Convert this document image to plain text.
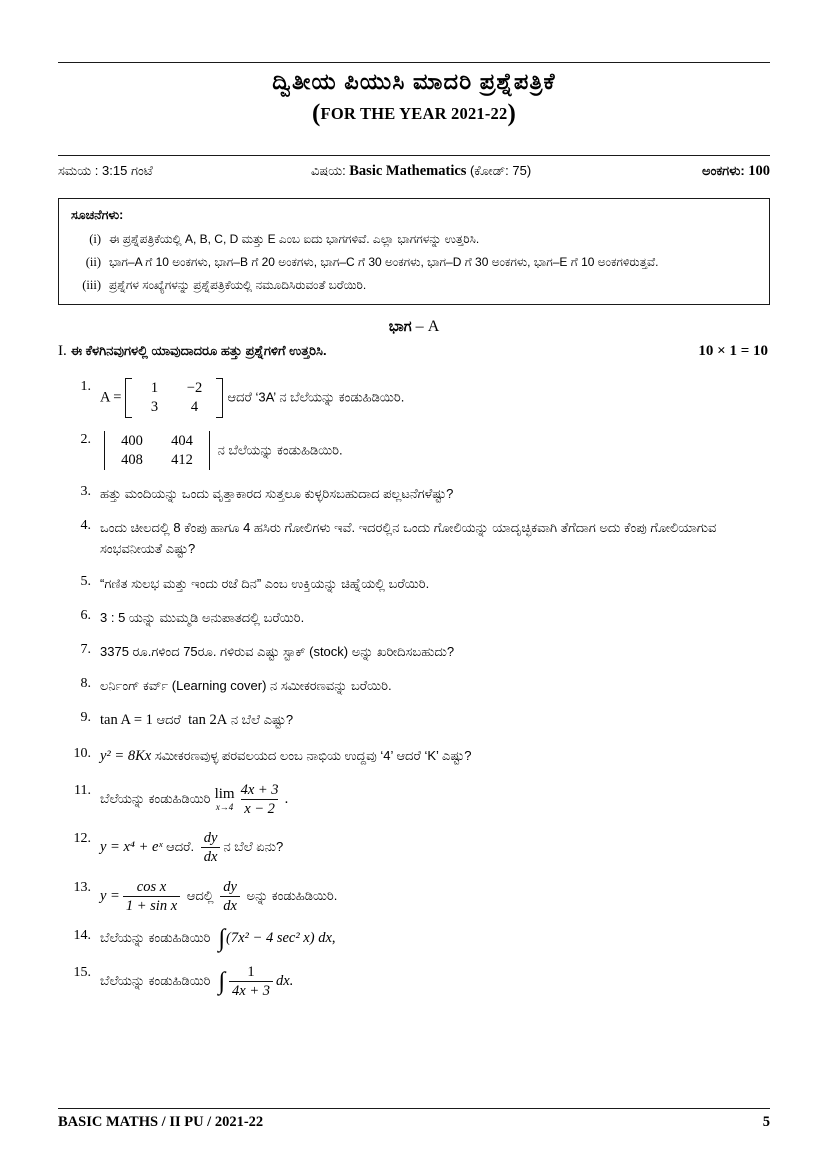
ದ್ವಿತೀಯ ಪಿಯುಸಿ ಮಾದರಿ ಪ್ರಶ್ನೆಪತ್ರಿಕೆ
(FOR THE YEAR 2021-22)
ಸಮಯ : 3:15 ಗಂಟೆ	ವಿಷಯ: Basic Mathematics (ಕೋಡ್: 75)	ಅಂಕಗಳು: 100
ಸೂಚನೆಗಳು:
(i) ಈ ಪ್ರಶ್ನೆಪತ್ರಿಕೆಯಲ್ಲಿ A, B, C, D ಮತ್ತು E ಎಂಬ ಐದು ಭಾಗಗಳಿವೆ. ಎಲ್ಲಾ ಭಾಗಗಳನ್ನು ಉತ್ತರಿಸಿ.
(ii) ಭಾಗ–A ಗೆ 10 ಅಂಕಗಳು, ಭಾಗ–B ಗೆ 20 ಅಂಕಗಳು, ಭಾಗ–C ಗೆ 30 ಅಂಕಗಳು, ಭಾಗ–D ಗೆ 30 ಅಂಕಗಳು, ಭಾಗ–E ಗೆ 10 ಅಂಕಗಳಿರುತ್ತವೆ.
(iii) ಪ್ರಶ್ನೆಗಳ ಸಂಖ್ಯೆಗಳನ್ನು ಪ್ರಶ್ನೆಪತ್ರಿಕೆಯಲ್ಲಿ ನಮೂದಿಸಿರುವಂತೆ ಬರೆಯಿರಿ.
ಭಾಗ – A
I. ಈ ಕೆಳಗಿನವುಗಳಲ್ಲಿ ಯಾವುದಾದರೂ ಹತ್ತು ಪ್ರಶ್ನೆಗಳಿಗೆ ಉತ್ತರಿಸಿ.	10 × 1 = 10
1.
A =
1	−2
3	4
ಆದರೆ ‘3A’ ನ ಬೆಲೆಯನ್ನು ಕಂಡುಹಿಡಿಯಿರಿ.
2.	400	404
408	412
ನ ಬೆಲೆಯನ್ನು ಕಂಡುಹಿಡಿಯಿರಿ.
3. ಹತ್ತು ಮಂದಿಯನ್ನು ಒಂದು ವೃತ್ತಾಕಾರದ ಸುತ್ತಲೂ ಕುಳ್ಳರಿಸಬಹುದಾದ ಪಲ್ಲಟನೆಗಳೆಷ್ಟು?
4. ಒಂದು ಚೀಲದಲ್ಲಿ 8 ಕೆಂಪು ಹಾಗೂ 4 ಹಸಿರು ಗೋಲಿಗಳು ಇವೆ. ಇದರಲ್ಲಿನ ಒಂದು ಗೋಲಿಯನ್ನು ಯಾದೃಚ್ಛಿಕವಾಗಿ ತೆಗೆದಾಗ ಅದು ಕೆಂಪು ಗೋಲಿಯಾಗುವ ಸಂಭವನೀಯತೆ ಎಷ್ಟು?
5. “ಗಣಿತ ಸುಲಭ ಮತ್ತು ಇಂದು ರಜೆ ದಿನ” ಎಂಬ ಉಕ್ತಿಯನ್ನು ಚಿಹ್ನೆಯಲ್ಲಿ ಬರೆಯಿರಿ.
6. 3 : 5 ಯನ್ನು ಮುಮ್ಮಡಿ ಅನುಪಾತದಲ್ಲಿ ಬರೆಯಿರಿ.
7. 3375 ರೂ.ಗಳಿಂದ 75ರೂ. ಗಳಿರುವ ಎಷ್ಟು ಸ್ಟಾಕ್ (stock) ಅನ್ನು ಖರೀದಿಸಬಹುದು?
8. ಲರ್ನಿಂಗ್ ಕರ್ವ್ (Learning cover) ನ ಸಮೀಕರಣವನ್ನು ಬರೆಯಿರಿ.
9. tan A = 1 ಆದರೆ tan 2A ನ ಬೆಲೆ ಎಷ್ಟು?
10. y² = 8Kx ಸಮೀಕರಣವುಳ್ಳ ಪರವಲಯದ ಲಂಬ ನಾಭಿಯ ಉದ್ದವು ‘4’ ಆದರೆ ‘K’ ಎಷ್ಟು?
11.
ಬೆಲೆಯನ್ನು ಕಂಡುಹಿಡಿಯಿರಿ lim
$x\to 4 \frac{4x + 3}{x - 2}$ .
12.
y = x⁴ + eˣ ಆದರೆ. $\frac{dy}{dx}$ ನ ಬೆಲೆ ಏನು?
13.
$y = \frac{\text{cos x}}{\text{1 + sin x}}$ ಆದಲ್ಲಿ $\frac{dy}{dx}$ ಅನ್ನು ಕಂಡುಹಿಡಿಯಿರಿ.
14. ಬೆಲೆಯನ್ನು ಕಂಡುಹಿಡಿಯಿರಿ ∫(7x² − 4 sec² x) dx,
15.
ಬೆಲೆಯನ್ನು ಕಂಡುಹಿಡಿಯಿರಿ ∫ $\frac{1}{4x + 3}$ dx.
BASIC MATHS / II PU / 2021-22	5
